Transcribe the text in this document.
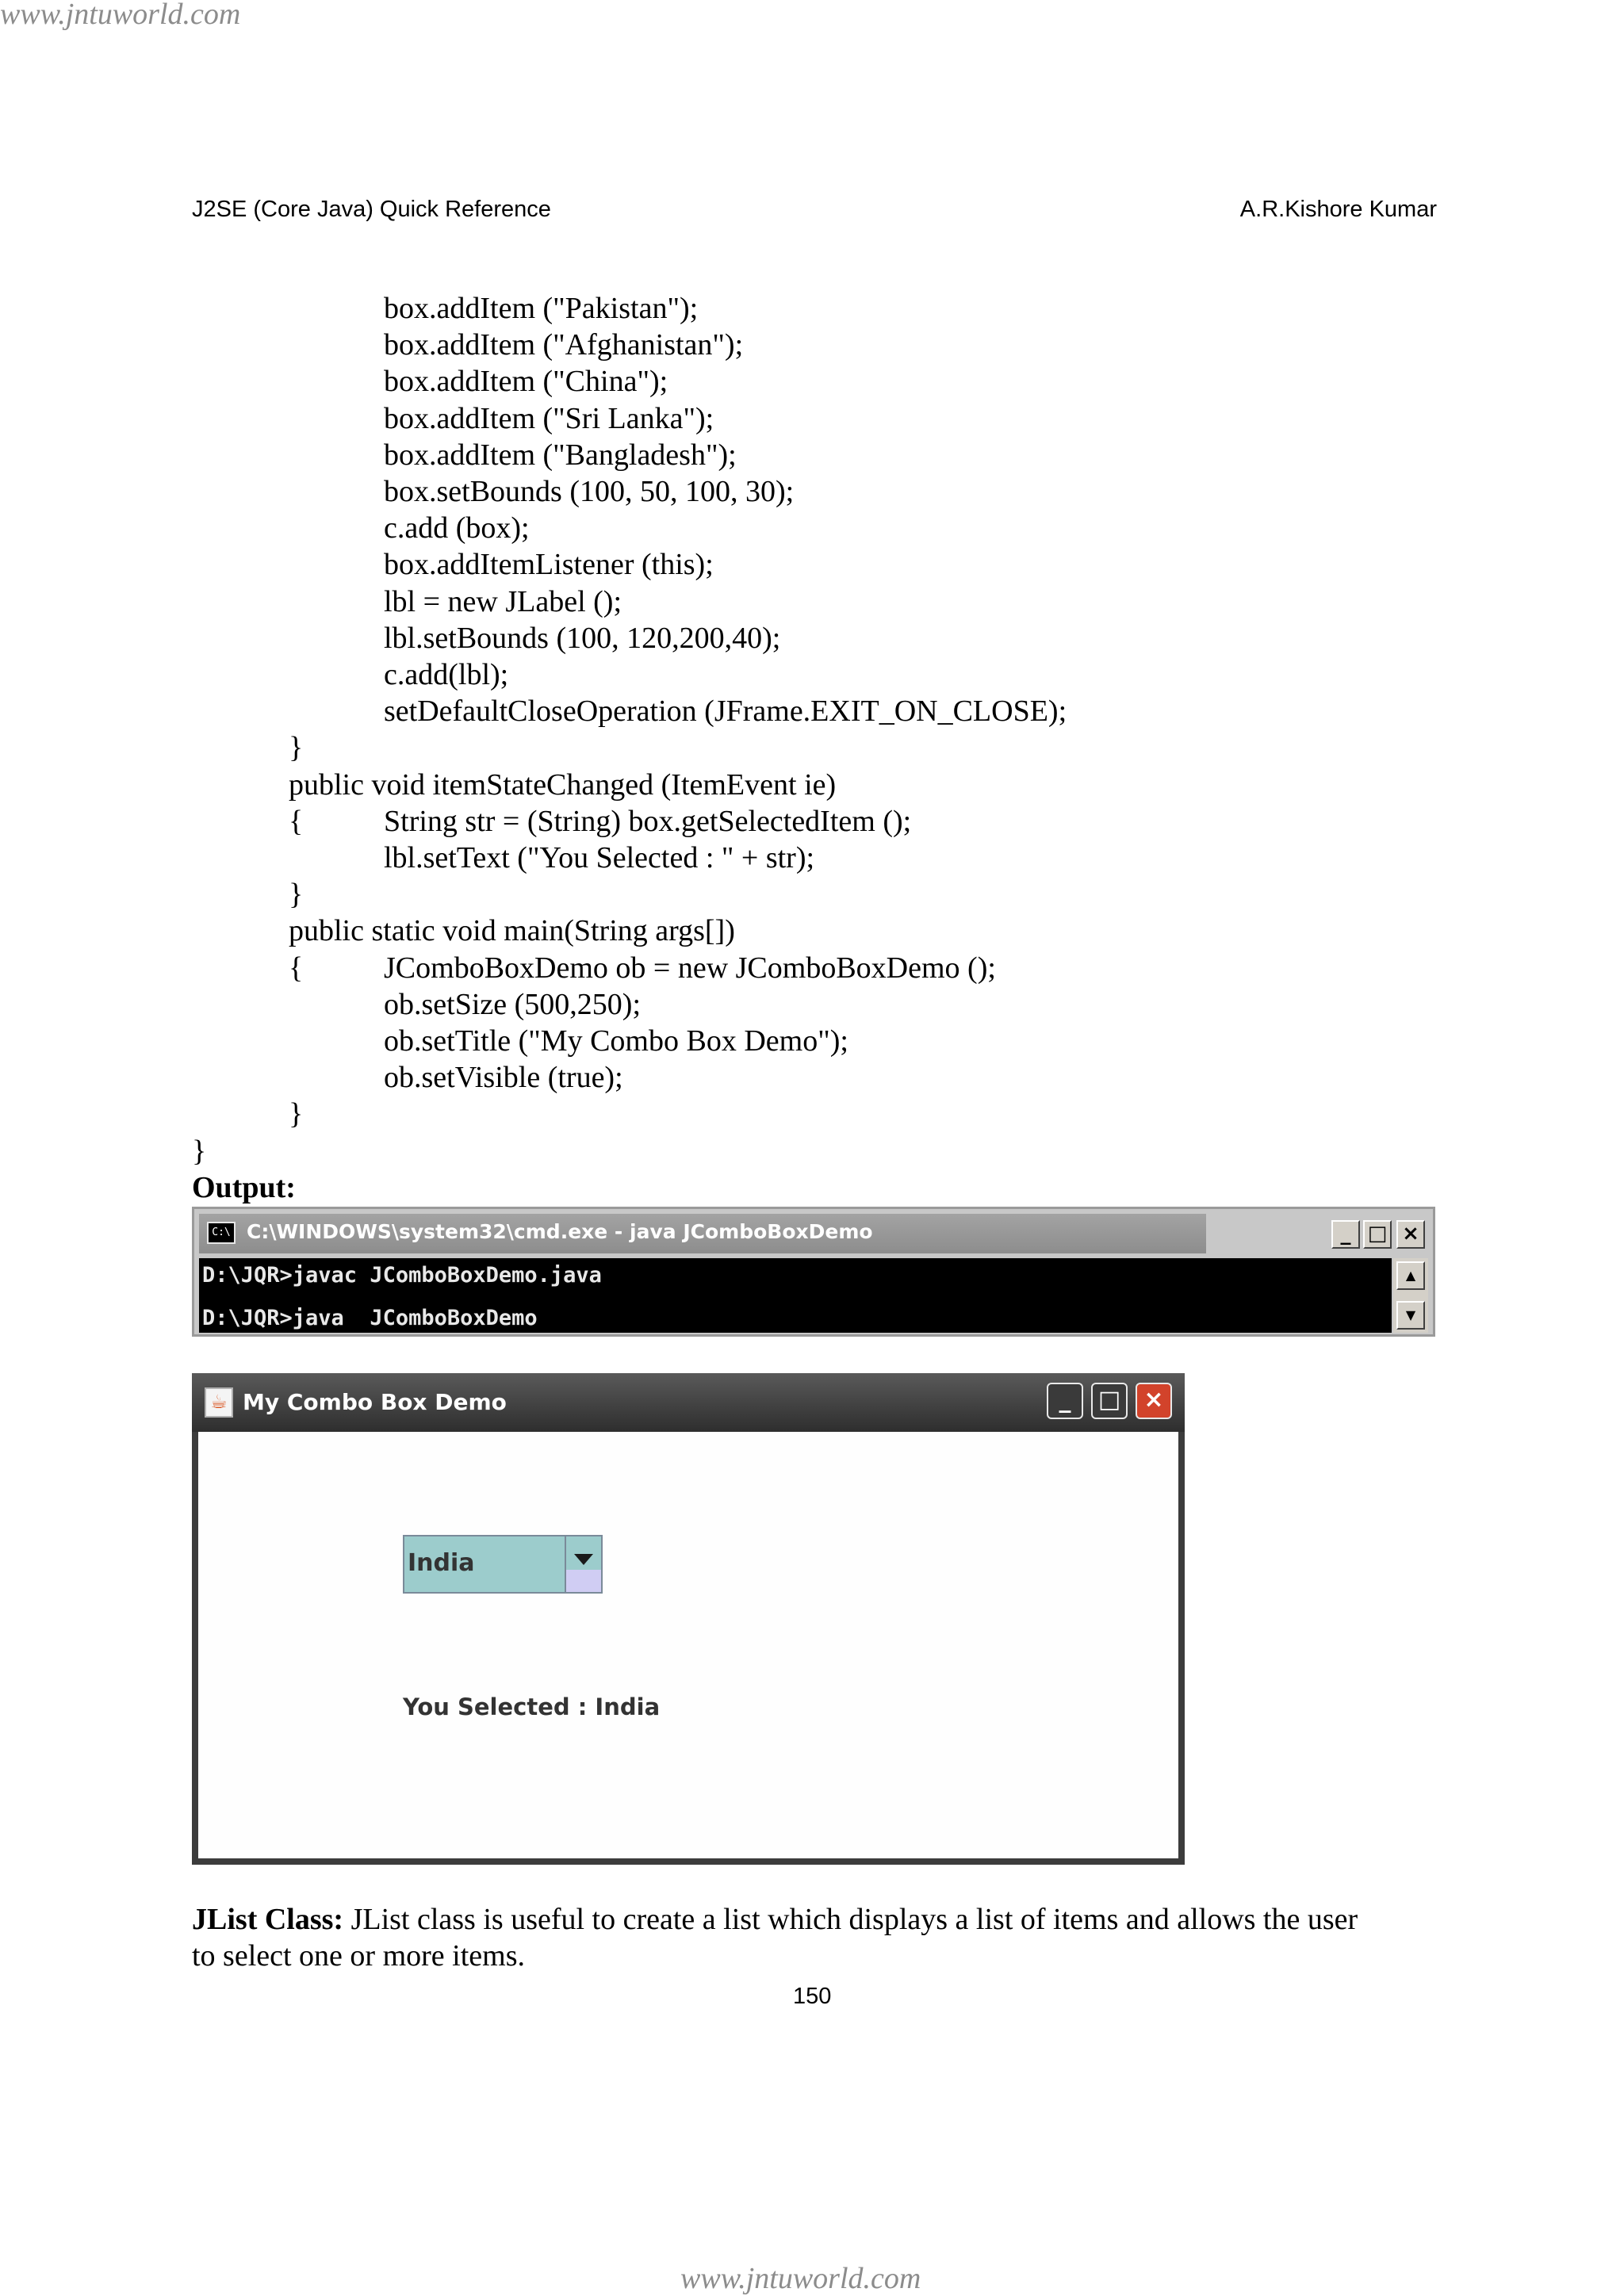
www.jntuworld.com
www.jntuworld.com
J2SE (Core Java) Quick Reference	A.R.Kishore Kumar
box.addItem ("Pakistan");
box.addItem ("Afghanistan");
box.addItem ("China");
box.addItem ("Sri Lanka");
box.addItem ("Bangladesh");
box.setBounds (100, 50, 100, 30);
c.add (box);
box.addItemListener (this);
lbl = new JLabel ();
lbl.setBounds (100, 120,200,40);
c.add(lbl);
setDefaultCloseOperation (JFrame.EXIT_ON_CLOSE);
}
public void itemStateChanged (ItemEvent ie)
{	String str = (String) box.getSelectedItem ();
lbl.setText ("You Selected : " + str);
}
public static void main(String args[])
{	JComboBoxDemo ob = new JComboBoxDemo ();
ob.setSize (500,250);
ob.setTitle ("My Combo Box Demo");
ob.setVisible (true);
}
}
Output:
C:\ C:\WINDOWS\system32\cmd.exe - java JComboBoxDemo	_ □ ×
D:\JQR>javac JComboBoxDemo.java
D:\JQR>java  JComboBoxDemo
▲
▼
☕ My Combo Box Demo	_	□ ×
India
You Selected : India
JList Class: JList class is useful to create a list which displays a list of items and allows the user
to select one or more items.
150
